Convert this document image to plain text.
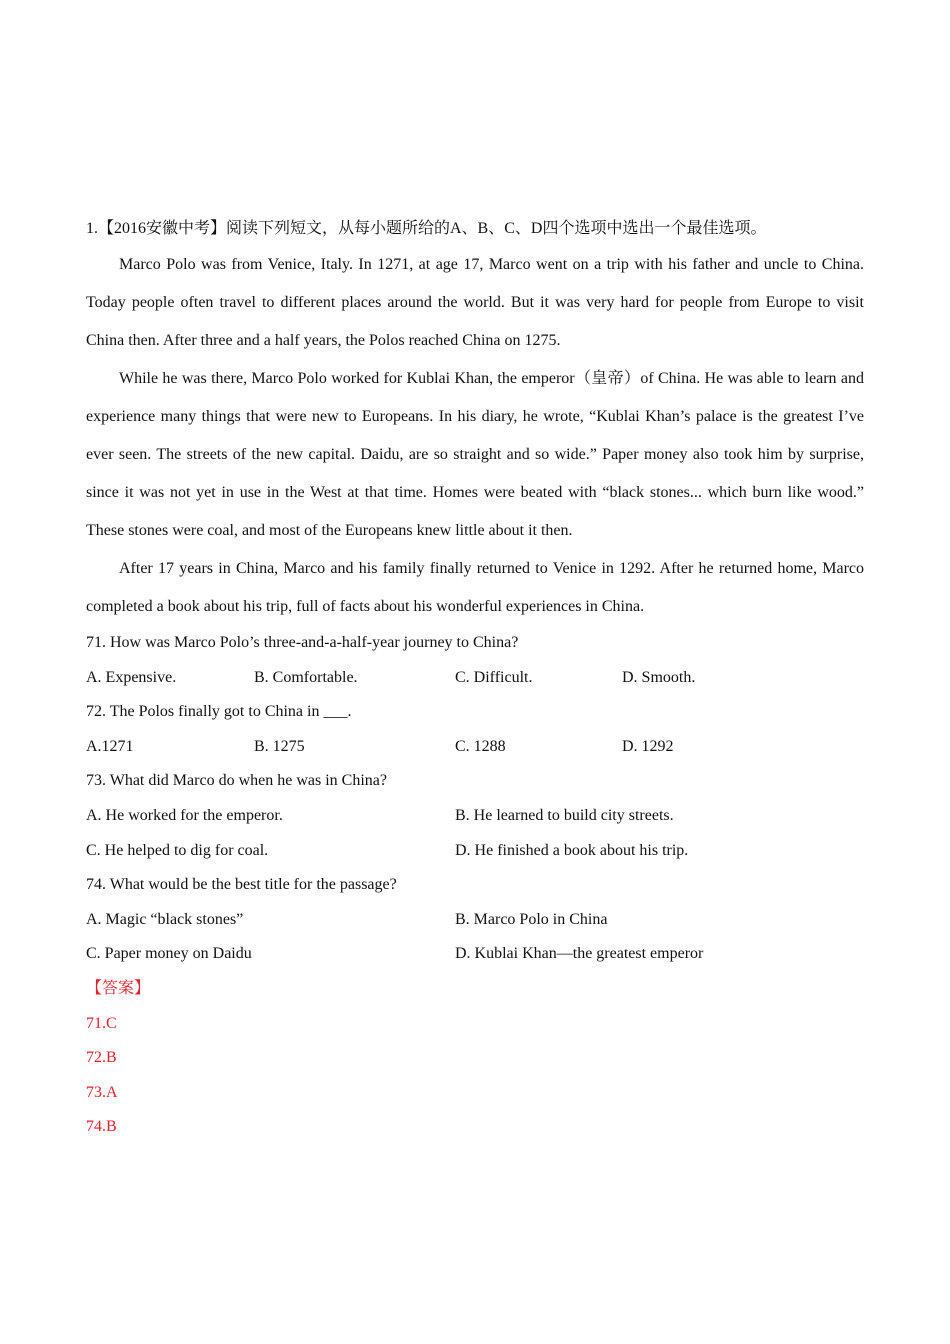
1.【2016安徽中考】阅读下列短文，从每小题所给的A、B、C、D四个选项中选出一个最佳选项。

Marco Polo was from Venice, Italy. In 1271, at age 17, Marco went on a trip with his father and uncle to China. Today people often travel to different places around the world. But it was very hard for people from Europe to visit China then. After three and a half years, the Polos reached China on 1275.

While he was there, Marco Polo worked for Kublai Khan, the emperor（皇帝）of China. He was able to learn and experience many things that were new to Europeans. In his diary, he wrote, “Kublai Khan’s palace is the greatest I’ve ever seen. The streets of the new capital. Daidu, are so straight and so wide.” Paper money also took him by surprise, since it was not yet in use in the West at that time. Homes were beated with “black stones... which burn like wood.” These stones were coal, and most of the Europeans knew little about it then.

After 17 years in China, Marco and his family finally returned to Venice in 1292. After he returned home, Marco completed a book about his trip, full of facts about his wonderful experiences in China.

71. How was Marco Polo’s three-and-a-half-year journey to China?

A. Expensive.	B. Comfortable.	C. Difficult.	D. Smooth.

72. The Polos finally got to China in ___.

A.1271	B. 1275	C. 1288	D. 1292

73. What did Marco do when he was in China?

A. He worked for the emperor.	B. He learned to build city streets.
C. He helped to dig for coal.	D. He finished a book about his trip.

74. What would be the best title for the passage?

A. Magic “black stones”	B. Marco Polo in China
C. Paper money on Daidu	D. Kublai Khan—the greatest emperor

【答案】

71.C

72.B

73.A

74.B
